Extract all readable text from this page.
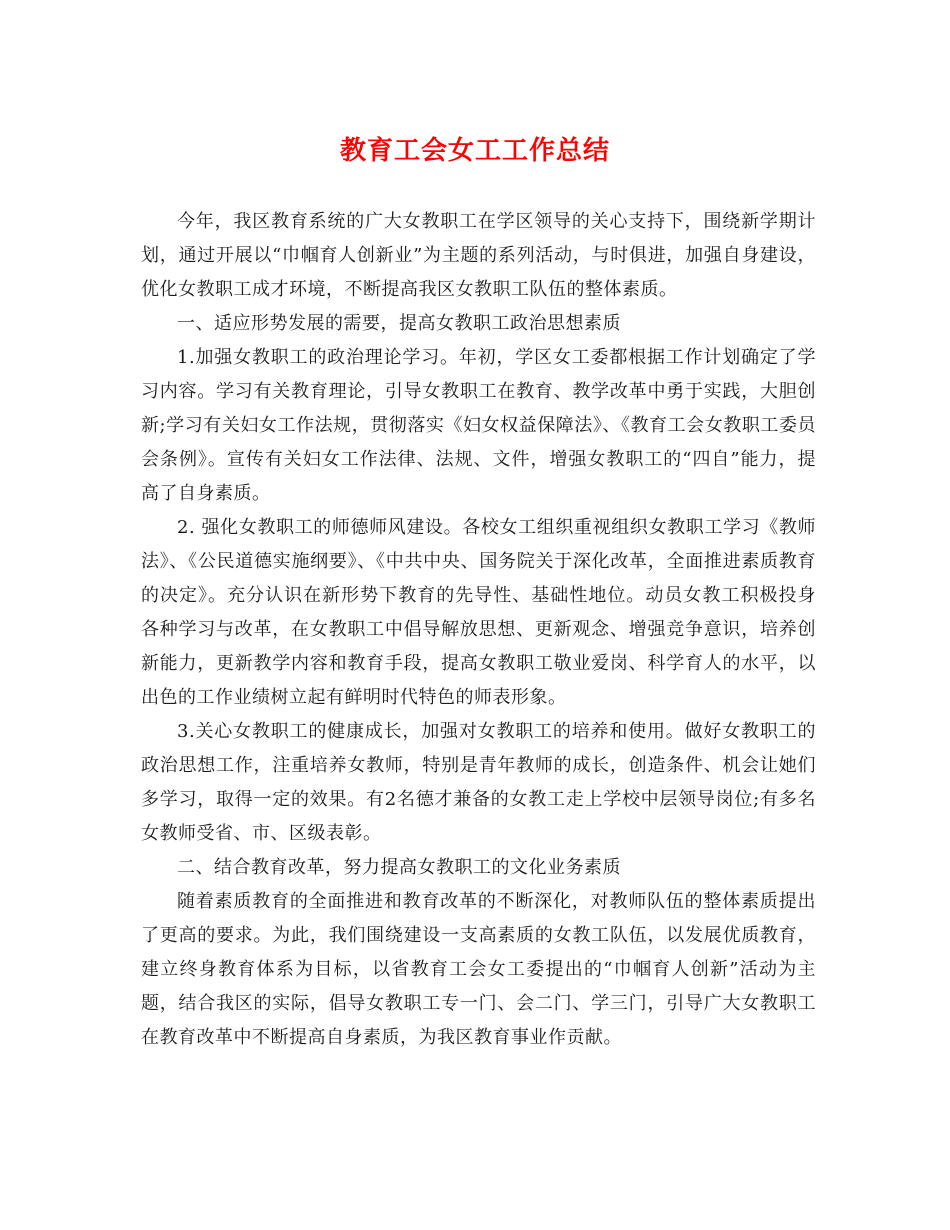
教育工会女工工作总结

今年，我区教育系统的广大女教职工在学区领导的关心支持下，围绕新学期计划，通过开展以“巾帼育人创新业”为主题的系列活动，与时俱进，加强自身建设，优化女教职工成才环境，不断提高我区女教职工队伍的整体素质。

一、适应形势发展的需要，提高女教职工政治思想素质

1.加强女教职工的政治理论学习。年初，学区女工委都根据工作计划确定了学习内容。学习有关教育理论，引导女教职工在教育、教学改革中勇于实践，大胆创新;学习有关妇女工作法规，贯彻落实《妇女权益保障法》、《教育工会女教职工委员会条例》。宣传有关妇女工作法律、法规、文件，增强女教职工的“四自”能力，提高了自身素质。

2. 强化女教职工的师德师风建设。各校女工组织重视组织女教职工学习《教师法》、《公民道德实施纲要》、《中共中央、国务院关于深化改革，全面推进素质教育的决定》。充分认识在新形势下教育的先导性、基础性地位。动员女教工积极投身各种学习与改革，在女教职工中倡导解放思想、更新观念、增强竞争意识，培养创新能力，更新教学内容和教育手段，提高女教职工敬业爱岗、科学育人的水平，以出色的工作业绩树立起有鲜明时代特色的师表形象。

3.关心女教职工的健康成长，加强对女教职工的培养和使用。做好女教职工的政治思想工作，注重培养女教师，特别是青年教师的成长，创造条件、机会让她们多学习，取得一定的效果。有2名德才兼备的女教工走上学校中层领导岗位;有多名女教师受省、市、区级表彰。

二、结合教育改革，努力提高女教职工的文化业务素质

随着素质教育的全面推进和教育改革的不断深化，对教师队伍的整体素质提出了更高的要求。为此，我们围绕建设一支高素质的女教工队伍，以发展优质教育，建立终身教育体系为目标，以省教育工会女工委提出的“巾帼育人创新”活动为主题，结合我区的实际，倡导女教职工专一门、会二门、学三门，引导广大女教职工在教育改革中不断提高自身素质，为我区教育事业作贡献。
